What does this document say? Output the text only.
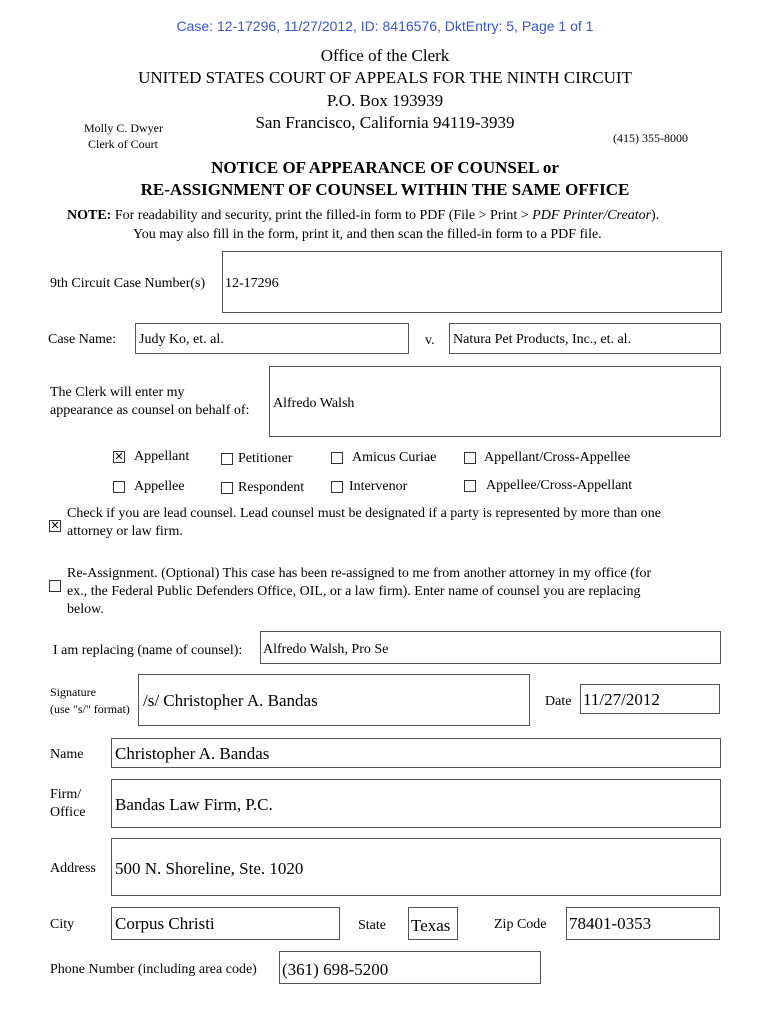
Case: 12-17296, 11/27/2012, ID: 8416576, DktEntry: 5, Page 1 of 1
Office of the Clerk
UNITED STATES COURT OF APPEALS FOR THE NINTH CIRCUIT
P.O. Box 193939
San Francisco, California 94119-3939
Molly C. Dwyer
Clerk of Court	(415) 355-8000
NOTICE OF APPEARANCE OF COUNSEL or
RE-ASSIGNMENT OF COUNSEL WITHIN THE SAME OFFICE
NOTE: For readability and security, print the filled-in form to PDF (File > Print > PDF Printer/Creator).
You may also fill in the form, print it, and then scan the filled-in form to a PDF file.
9th Circuit Case Number(s) 12-17296
Case Name: Judy Ko, et. al.	v. Natura Pet Products, Inc., et. al.
The Clerk will enter my
appearance as counsel on behalf of: Alfredo Walsh
✕
Appellant	Petitioner	Amicus Curiae	Appellant/Cross-Appellee
Appellee	Respondent	Intervenor	Appellee/Cross-Appellant
✕
Check if you are lead counsel. Lead counsel must be designated if a party is represented by more than one
attorney or law firm.
Re-Assignment. (Optional) This case has been re-assigned to me from another attorney in my office (for
ex., the Federal Public Defenders Office, OIL, or a law firm). Enter name of counsel you are replacing
below.
I am replacing (name of counsel): Alfredo Walsh, Pro Se
Signature
(use "s/" format) /s/ Christopher A. Bandas	Date 11/27/2012
Name Christopher A. Bandas
Firm/
Office Bandas Law Firm, P.C.
Address 500 N. Shoreline, Ste. 1020
City Corpus Christi	State Texas	Zip Code 78401-0353
Phone Number (including area code) (361) 698-5200
